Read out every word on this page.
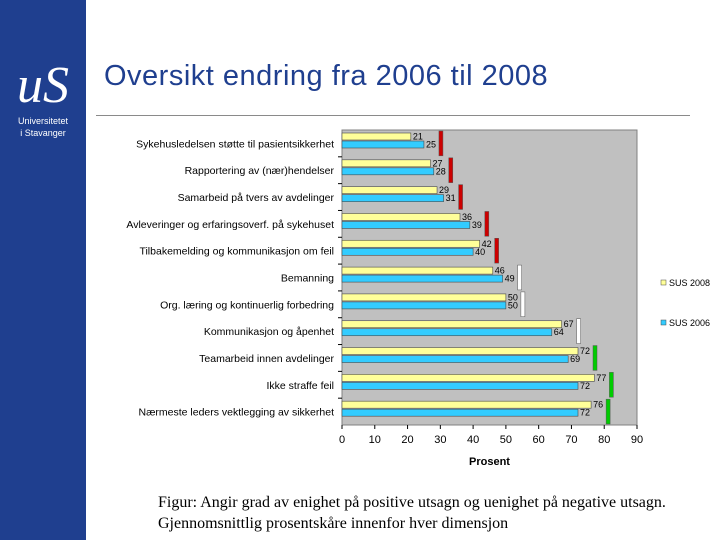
uS
Universitetet
i Stavanger
Oversikt endring fra 2006 til 2008
Sykehusledelsen støtte til pasientsikkerhet
21
25
Rapportering av (nær)hendelser
27
28
Samarbeid på tvers av avdelinger
29
31
Avleveringer og erfaringsoverf. på sykehuset
36
39
Tilbakemelding og kommunikasjon om feil
42
40
Bemanning
46
49
Org. læring og kontinuerlig forbedring
50
50
Kommunikasjon og åpenhet
67
64
Teamarbeid innen avdelinger
72
69
Ikke straffe feil
77
72
Nærmeste leders vektlegging av sikkerhet
76
72
0 10 20 30 40 50 60 70 80 90
Prosent
SUS 2008
SUS 2006
Figur: Angir grad av enighet på positive utsagn og uenighet på negative utsagn. Gjennomsnittlig prosentskåre innenfor hver dimensjon
